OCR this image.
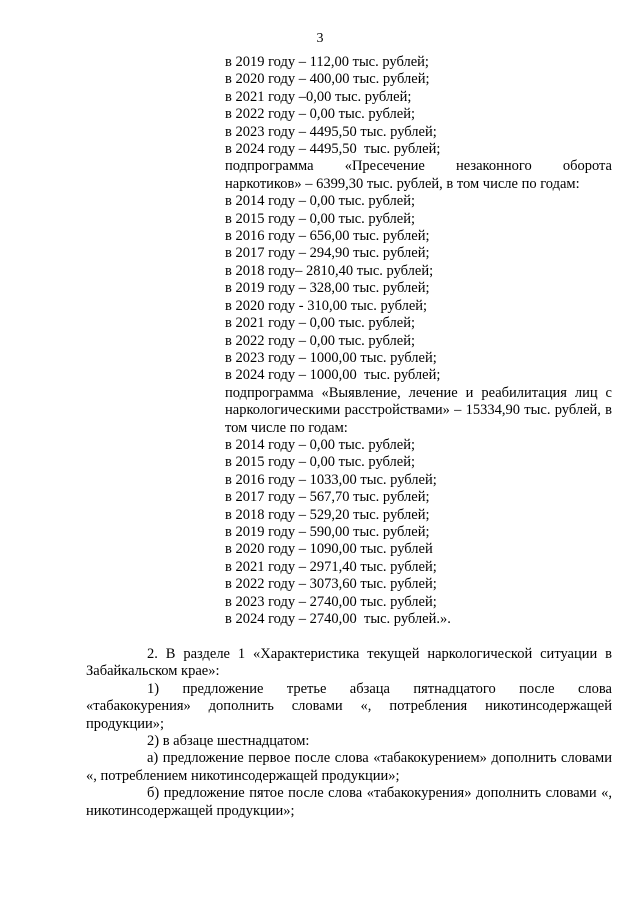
3
в 2019 году – 112,00 тыс. рублей;
в 2020 году – 400,00 тыс. рублей;
в 2021 году –0,00 тыс. рублей;
в 2022 году – 0,00 тыс. рублей;
в 2023 году – 4495,50 тыс. рублей;
в 2024 году – 4495,50  тыс. рублей;
подпрограмма «Пресечение незаконного оборота
наркотиков» – 6399,30 тыс. рублей, в том числе по годам:
в 2014 году – 0,00 тыс. рублей;
в 2015 году – 0,00 тыс. рублей;
в 2016 году – 656,00 тыс. рублей;
в 2017 году – 294,90 тыс. рублей;
в 2018 году– 2810,40 тыс. рублей;
в 2019 году – 328,00 тыс. рублей;
в 2020 году - 310,00 тыс. рублей;
в 2021 году – 0,00 тыс. рублей;
в 2022 году – 0,00 тыс. рублей;
в 2023 году – 1000,00 тыс. рублей;
в 2024 году – 1000,00  тыс. рублей;
подпрограмма «Выявление, лечение и реабилитация лиц с наркологическими расстройствами» – 15334,90 тыс. рублей, в том числе по годам:
в 2014 году – 0,00 тыс. рублей;
в 2015 году – 0,00 тыс. рублей;
в 2016 году – 1033,00 тыс. рублей;
в 2017 году – 567,70 тыс. рублей;
в 2018 году – 529,20 тыс. рублей;
в 2019 году – 590,00 тыс. рублей;
в 2020 году – 1090,00 тыс. рублей
в 2021 году – 2971,40 тыс. рублей;
в 2022 году – 3073,60 тыс. рублей;
в 2023 году – 2740,00 тыс. рублей;
в 2024 году – 2740,00  тыс. рублей.».

2. В разделе 1 «Характеристика текущей наркологической ситуации в Забайкальском крае»:

1) предложение третье абзаца пятнадцатого после слова

«табакокурения» дополнить словами «, потребления никотинсодержащей продукции»;

2) в абзаце шестнадцатом:

а) предложение первое после слова «табакокурением» дополнить словами «, потреблением никотинсодержащей продукции»;

б) предложение пятое после слова «табакокурения» дополнить словами «, никотинсодержащей продукции»;
